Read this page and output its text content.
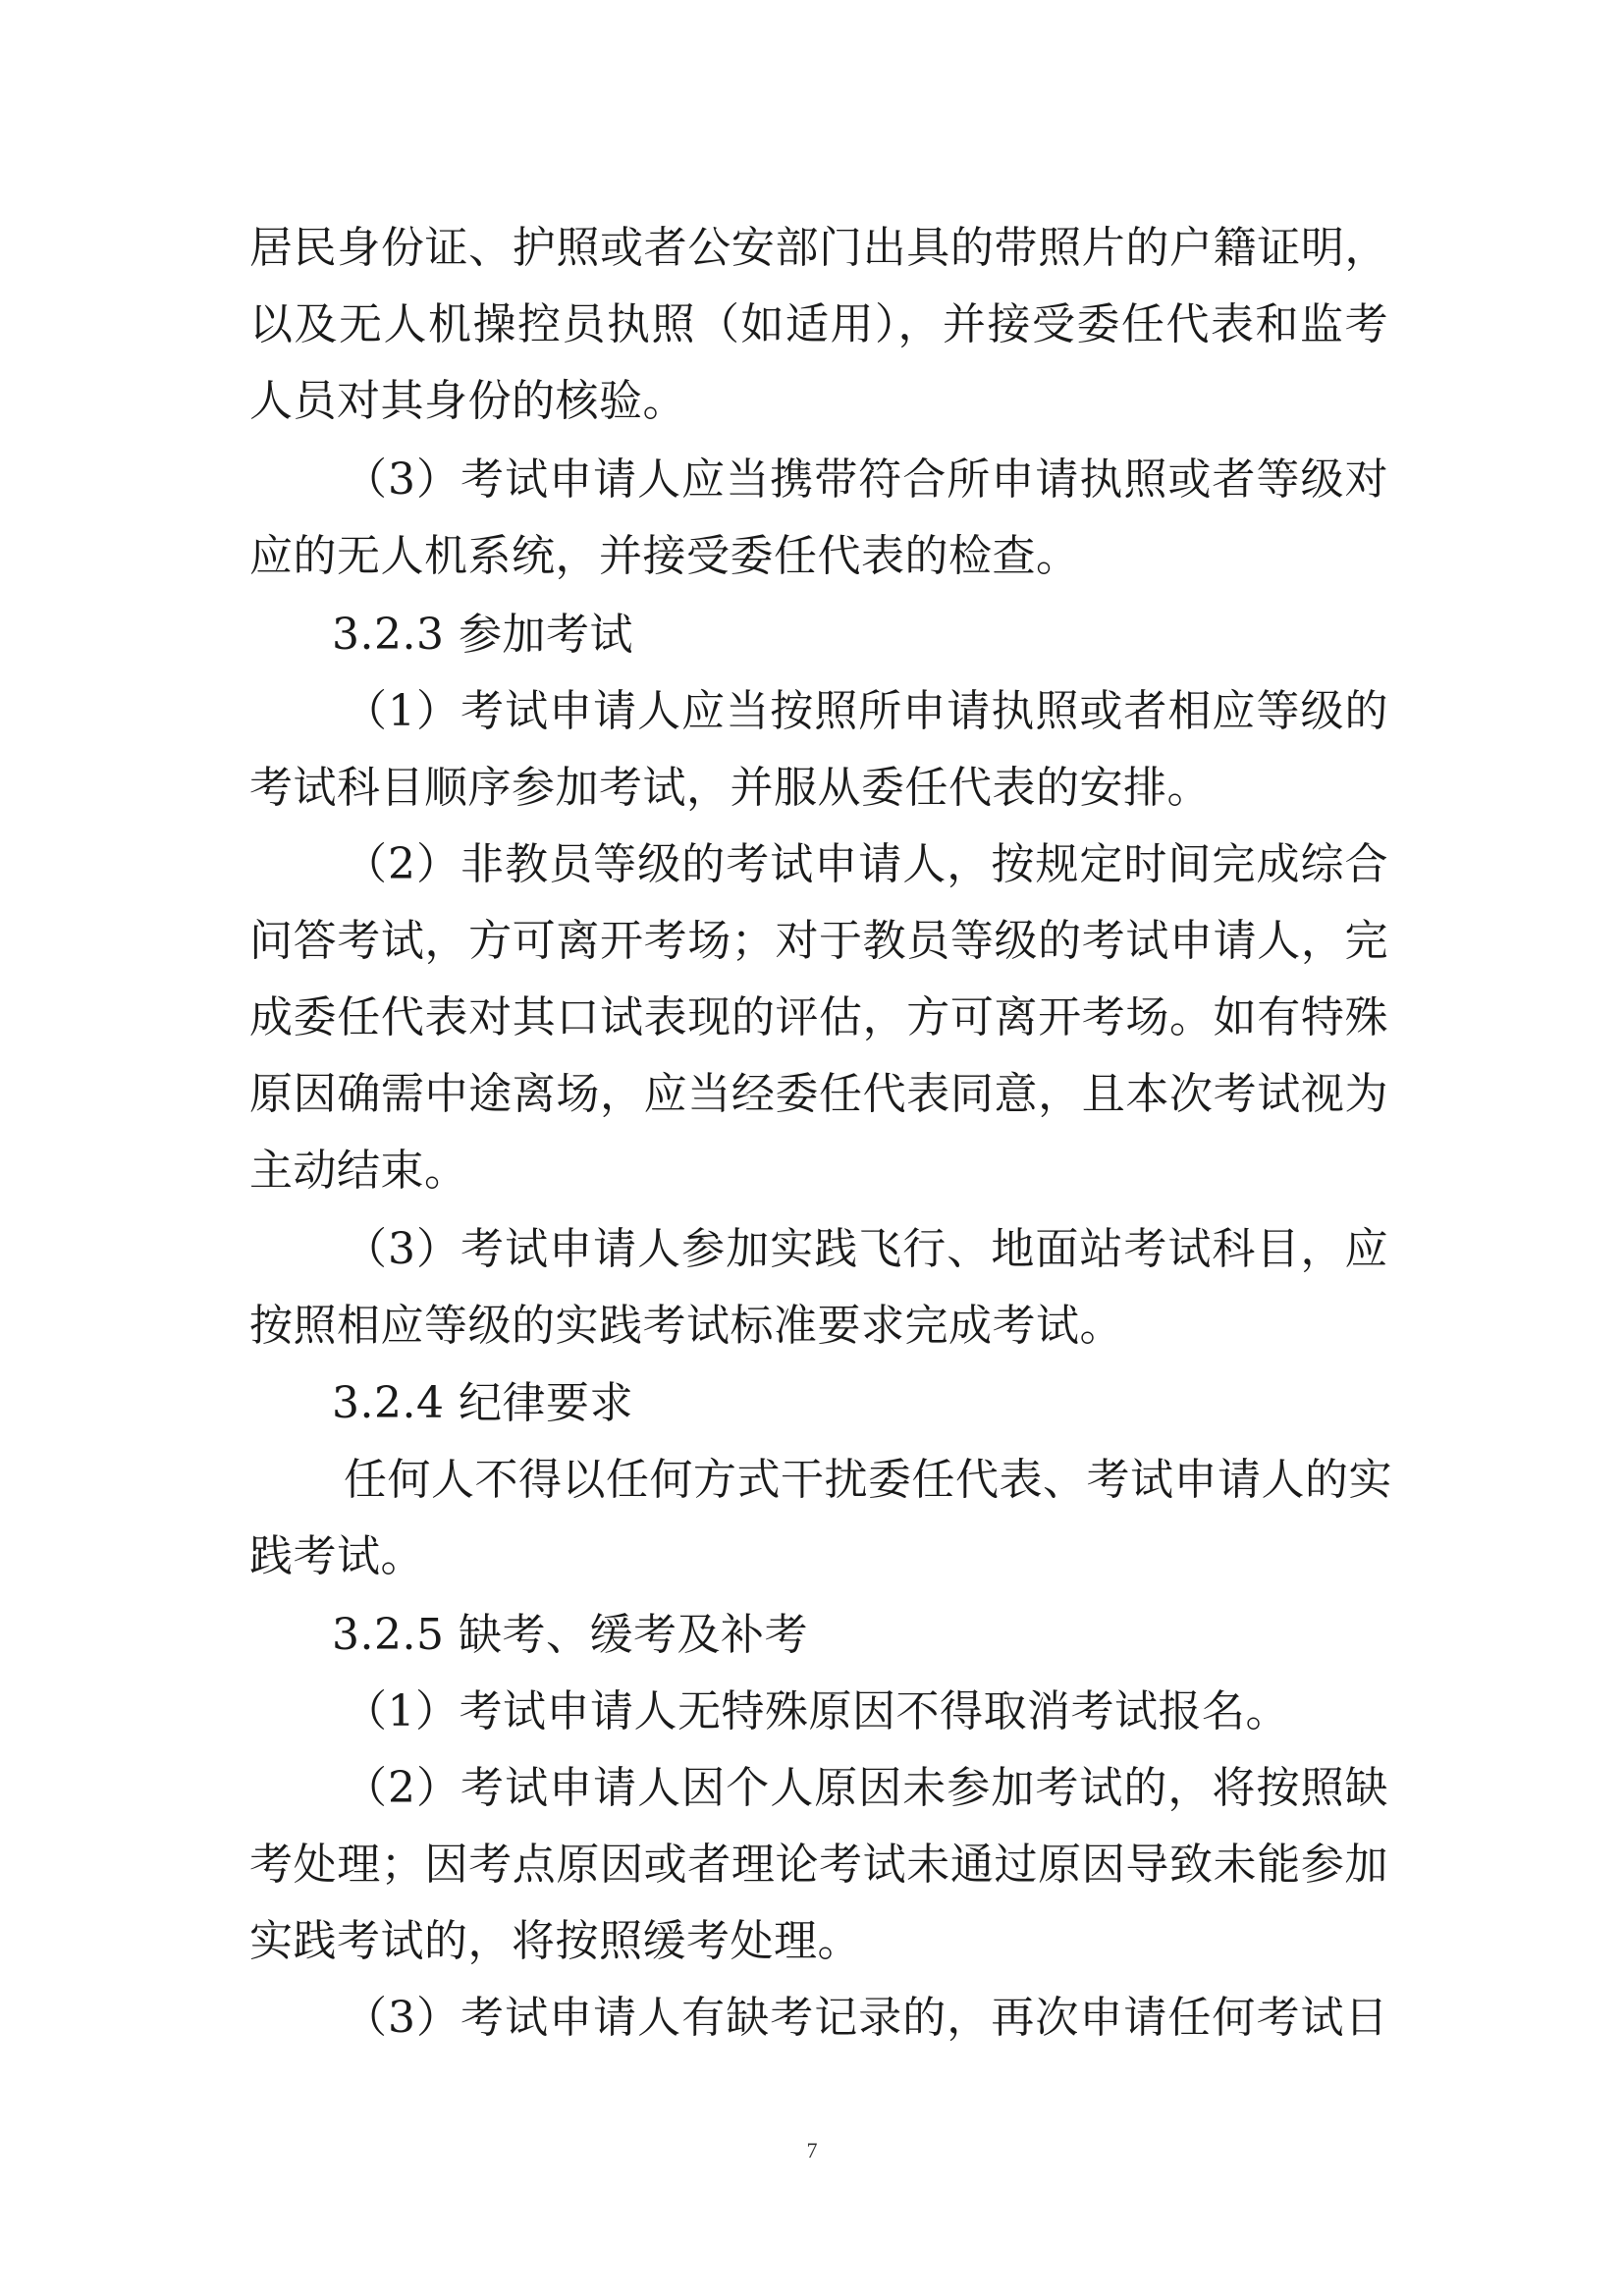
居民身份证、护照或者公安部门出具的带照片的户籍证明，
以及无人机操控员执照（如适用），并接受委任代表和监考
人员对其身份的核验。
（3）考试申请人应当携带符合所申请执照或者等级对
应的无人机系统，并接受委任代表的检查。
3.2.3 参加考试
（1）考试申请人应当按照所申请执照或者相应等级的
考试科目顺序参加考试，并服从委任代表的安排。
（2）非教员等级的考试申请人，按规定时间完成综合
问答考试，方可离开考场；对于教员等级的考试申请人，完
成委任代表对其口试表现的评估，方可离开考场。如有特殊
原因确需中途离场，应当经委任代表同意，且本次考试视为
主动结束。
（3）考试申请人参加实践飞行、地面站考试科目，应
按照相应等级的实践考试标准要求完成考试。
3.2.4 纪律要求
任何人不得以任何方式干扰委任代表、考试申请人的实
践考试。
3.2.5 缺考、缓考及补考
（1）考试申请人无特殊原因不得取消考试报名。
（2）考试申请人因个人原因未参加考试的，将按照缺
考处理；因考点原因或者理论考试未通过原因导致未能参加
实践考试的，将按照缓考处理。
（3）考试申请人有缺考记录的，再次申请任何考试日
7
